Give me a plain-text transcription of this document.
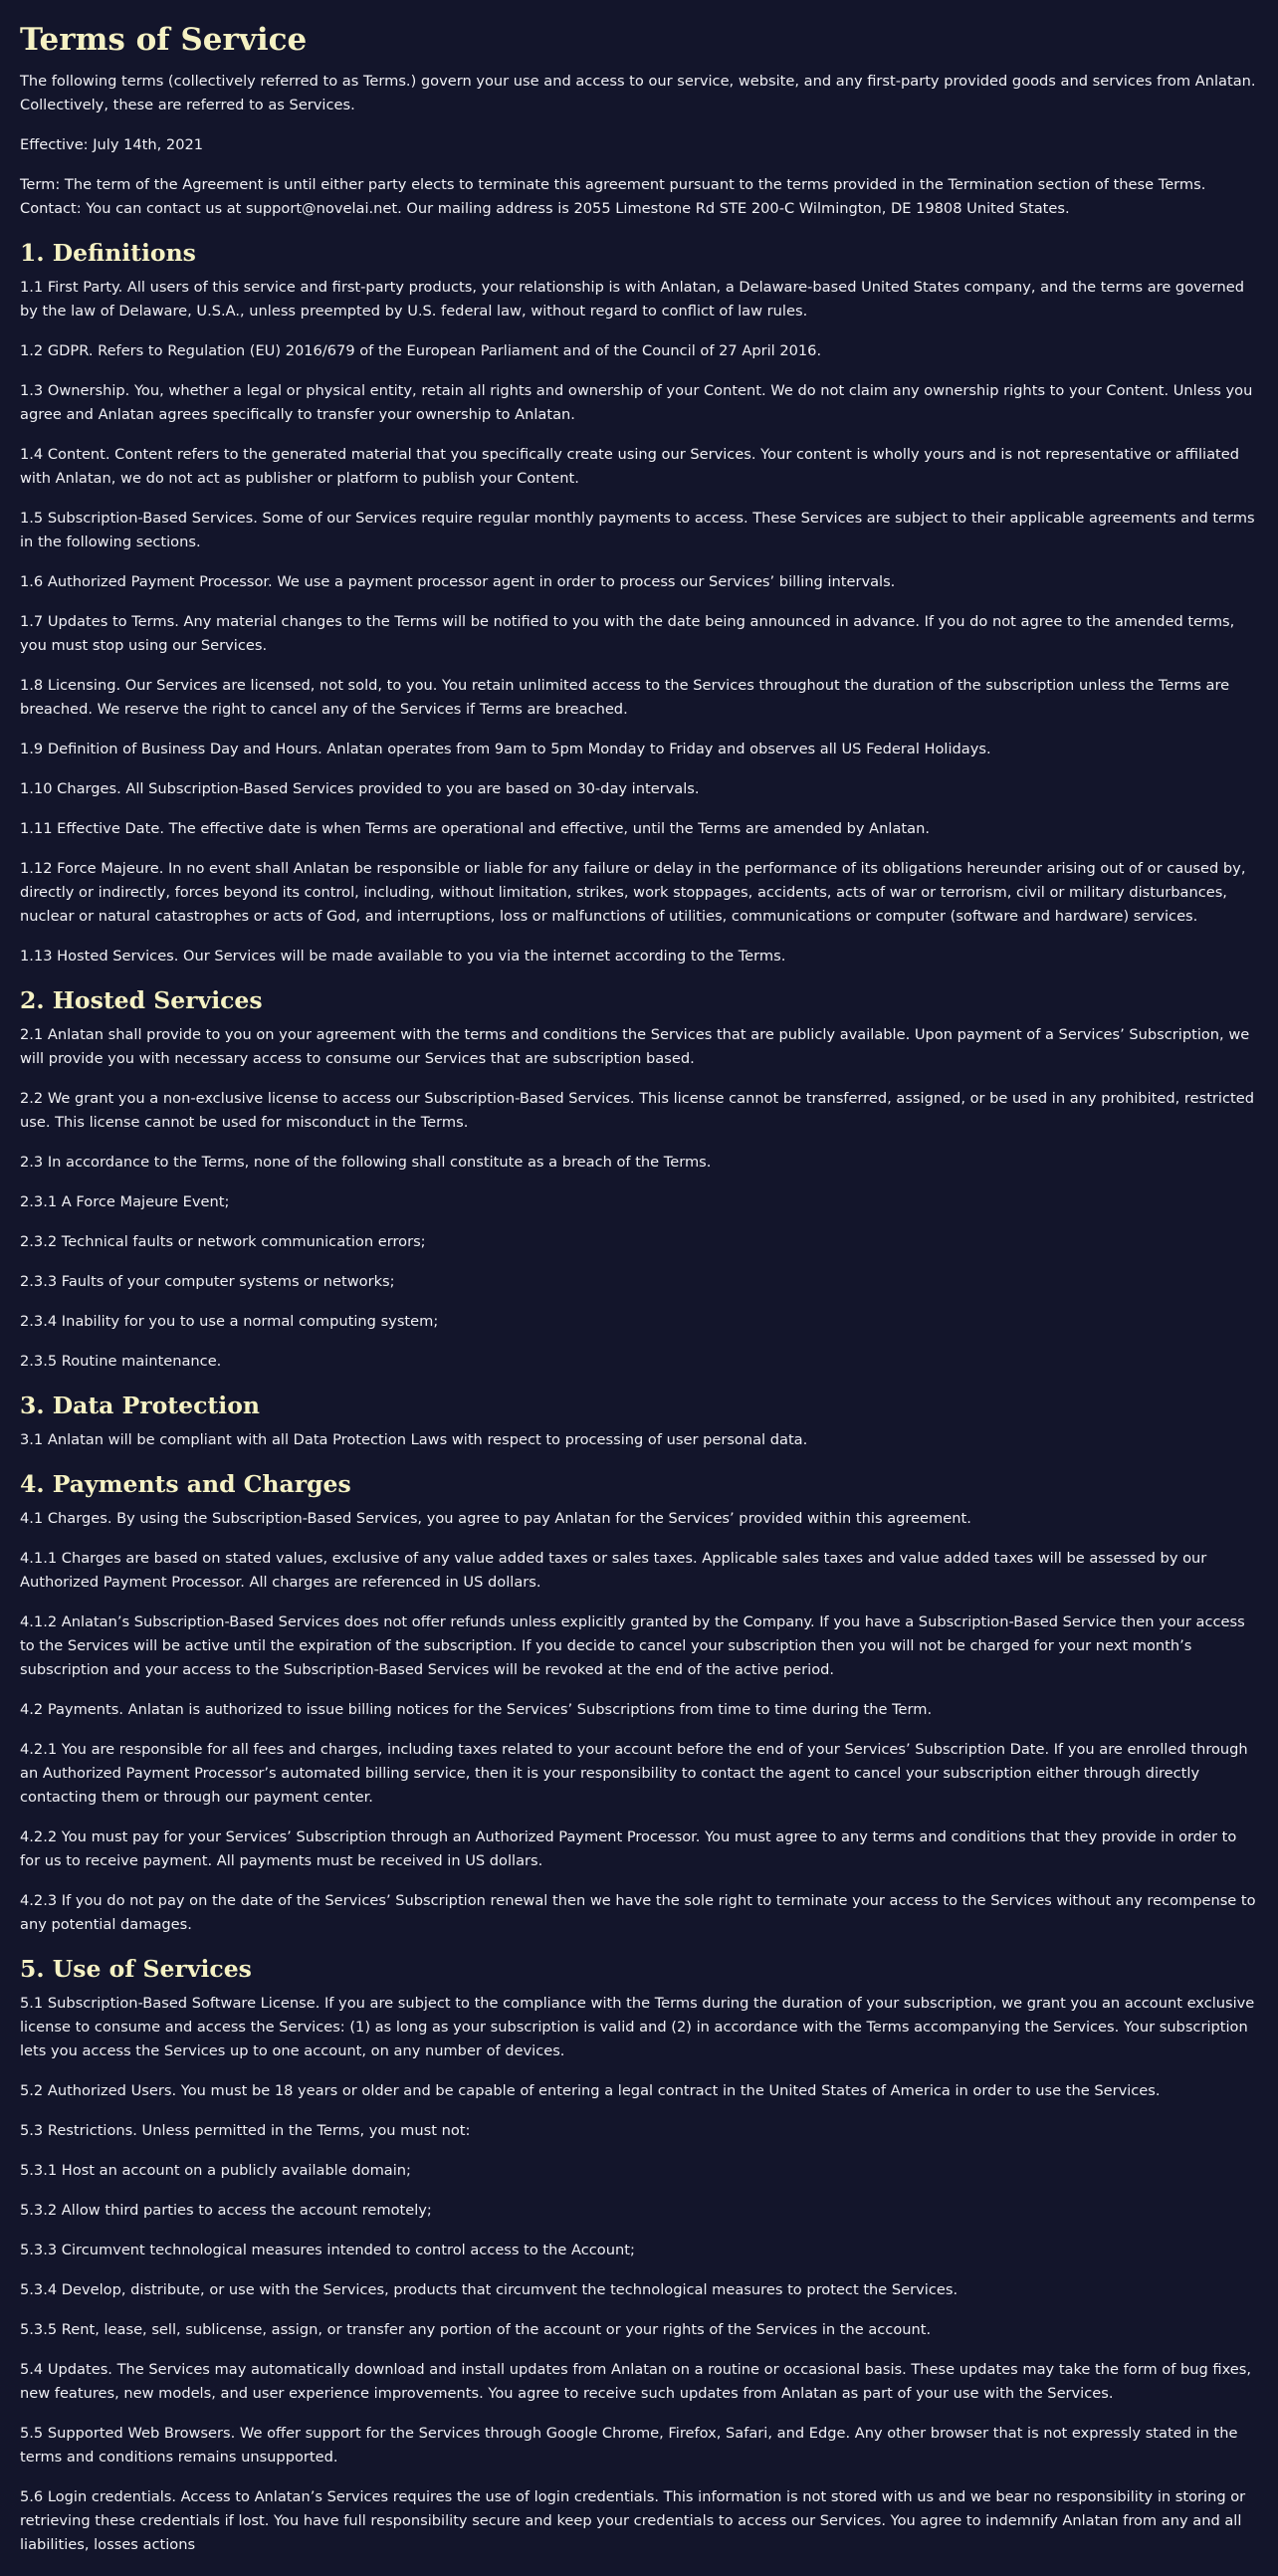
Terms of Service

The following terms (collectively referred to as Terms.) govern your use and access to our service, website, and any first-party provided goods and services from Anlatan. Collectively, these are referred to as Services.

Effective: July 14th, 2021

Term: The term of the Agreement is until either party elects to terminate this agreement pursuant to the terms provided in the Termination section of these Terms. Contact: You can contact us at support@novelai.net. Our mailing address is 2055 Limestone Rd STE 200-C Wilmington, DE 19808 United States.

1. Definitions

1.1 First Party. All users of this service and first-party products, your relationship is with Anlatan, a Delaware-based United States company, and the terms are governed by the law of Delaware, U.S.A., unless preempted by U.S. federal law, without regard to conflict of law rules.

1.2 GDPR. Refers to Regulation (EU) 2016/679 of the European Parliament and of the Council of 27 April 2016.

1.3 Ownership. You, whether a legal or physical entity, retain all rights and ownership of your Content. We do not claim any ownership rights to your Content. Unless you agree and Anlatan agrees specifically to transfer your ownership to Anlatan.

1.4 Content. Content refers to the generated material that you specifically create using our Services. Your content is wholly yours and is not representative or affiliated with Anlatan, we do not act as publisher or platform to publish your Content.

1.5 Subscription-Based Services. Some of our Services require regular monthly payments to access. These Services are subject to their applicable agreements and terms in the following sections.

1.6 Authorized Payment Processor. We use a payment processor agent in order to process our Services’ billing intervals.

1.7 Updates to Terms. Any material changes to the Terms will be notified to you with the date being announced in advance. If you do not agree to the amended terms, you must stop using our Services.

1.8 Licensing. Our Services are licensed, not sold, to you. You retain unlimited access to the Services throughout the duration of the subscription unless the Terms are breached. We reserve the right to cancel any of the Services if Terms are breached.

1.9 Definition of Business Day and Hours. Anlatan operates from 9am to 5pm Monday to Friday and observes all US Federal Holidays.

1.10 Charges. All Subscription-Based Services provided to you are based on 30-day intervals.

1.11 Effective Date. The effective date is when Terms are operational and effective, until the Terms are amended by Anlatan.

1.12 Force Majeure. In no event shall Anlatan be responsible or liable for any failure or delay in the performance of its obligations hereunder arising out of or caused by, directly or indirectly, forces beyond its control, including, without limitation, strikes, work stoppages, accidents, acts of war or terrorism, civil or military disturbances, nuclear or natural catastrophes or acts of God, and interruptions, loss or malfunctions of utilities, communications or computer (software and hardware) services.

1.13 Hosted Services. Our Services will be made available to you via the internet according to the Terms.

2. Hosted Services

2.1 Anlatan shall provide to you on your agreement with the terms and conditions the Services that are publicly available. Upon payment of a Services’ Subscription, we will provide you with necessary access to consume our Services that are subscription based.

2.2 We grant you a non-exclusive license to access our Subscription-Based Services. This license cannot be transferred, assigned, or be used in any prohibited, restricted use. This license cannot be used for misconduct in the Terms.

2.3 In accordance to the Terms, none of the following shall constitute as a breach of the Terms.

2.3.1 A Force Majeure Event;

2.3.2 Technical faults or network communication errors;

2.3.3 Faults of your computer systems or networks;

2.3.4 Inability for you to use a normal computing system;

2.3.5 Routine maintenance.

3. Data Protection

3.1 Anlatan will be compliant with all Data Protection Laws with respect to processing of user personal data.

4. Payments and Charges

4.1 Charges. By using the Subscription-Based Services, you agree to pay Anlatan for the Services’ provided within this agreement.

4.1.1 Charges are based on stated values, exclusive of any value added taxes or sales taxes. Applicable sales taxes and value added taxes will be assessed by our Authorized Payment Processor. All charges are referenced in US dollars.

4.1.2 Anlatan’s Subscription-Based Services does not offer refunds unless explicitly granted by the Company. If you have a Subscription-Based Service then your access to the Services will be active until the expiration of the subscription. If you decide to cancel your subscription then you will not be charged for your next month’s subscription and your access to the Subscription-Based Services will be revoked at the end of the active period.

4.2 Payments. Anlatan is authorized to issue billing notices for the Services’ Subscriptions from time to time during the Term.

4.2.1 You are responsible for all fees and charges, including taxes related to your account before the end of your Services’ Subscription Date. If you are enrolled through an Authorized Payment Processor’s automated billing service, then it is your responsibility to contact the agent to cancel your subscription either through directly contacting them or through our payment center.

4.2.2 You must pay for your Services’ Subscription through an Authorized Payment Processor. You must agree to any terms and conditions that they provide in order to for us to receive payment. All payments must be received in US dollars.

4.2.3 If you do not pay on the date of the Services’ Subscription renewal then we have the sole right to terminate your access to the Services without any recompense to any potential damages.

5. Use of Services

5.1 Subscription-Based Software License. If you are subject to the compliance with the Terms during the duration of your subscription, we grant you an account exclusive license to consume and access the Services: (1) as long as your subscription is valid and (2) in accordance with the Terms accompanying the Services. Your subscription lets you access the Services up to one account, on any number of devices.

5.2 Authorized Users. You must be 18 years or older and be capable of entering a legal contract in the United States of America in order to use the Services.

5.3 Restrictions. Unless permitted in the Terms, you must not:

5.3.1 Host an account on a publicly available domain;

5.3.2 Allow third parties to access the account remotely;

5.3.3 Circumvent technological measures intended to control access to the Account;

5.3.4 Develop, distribute, or use with the Services, products that circumvent the technological measures to protect the Services.

5.3.5 Rent, lease, sell, sublicense, assign, or transfer any portion of the account or your rights of the Services in the account.

5.4 Updates. The Services may automatically download and install updates from Anlatan on a routine or occasional basis. These updates may take the form of bug fixes, new features, new models, and user experience improvements. You agree to receive such updates from Anlatan as part of your use with the Services.

5.5 Supported Web Browsers. We offer support for the Services through Google Chrome, Firefox, Safari, and Edge. Any other browser that is not expressly stated in the terms and conditions remains unsupported.

5.6 Login credentials. Access to Anlatan’s Services requires the use of login credentials. This information is not stored with us and we bear no responsibility in storing or retrieving these credentials if lost. You have full responsibility secure and keep your credentials to access our Services. You agree to indemnify Anlatan from any and all liabilities, losses actions
